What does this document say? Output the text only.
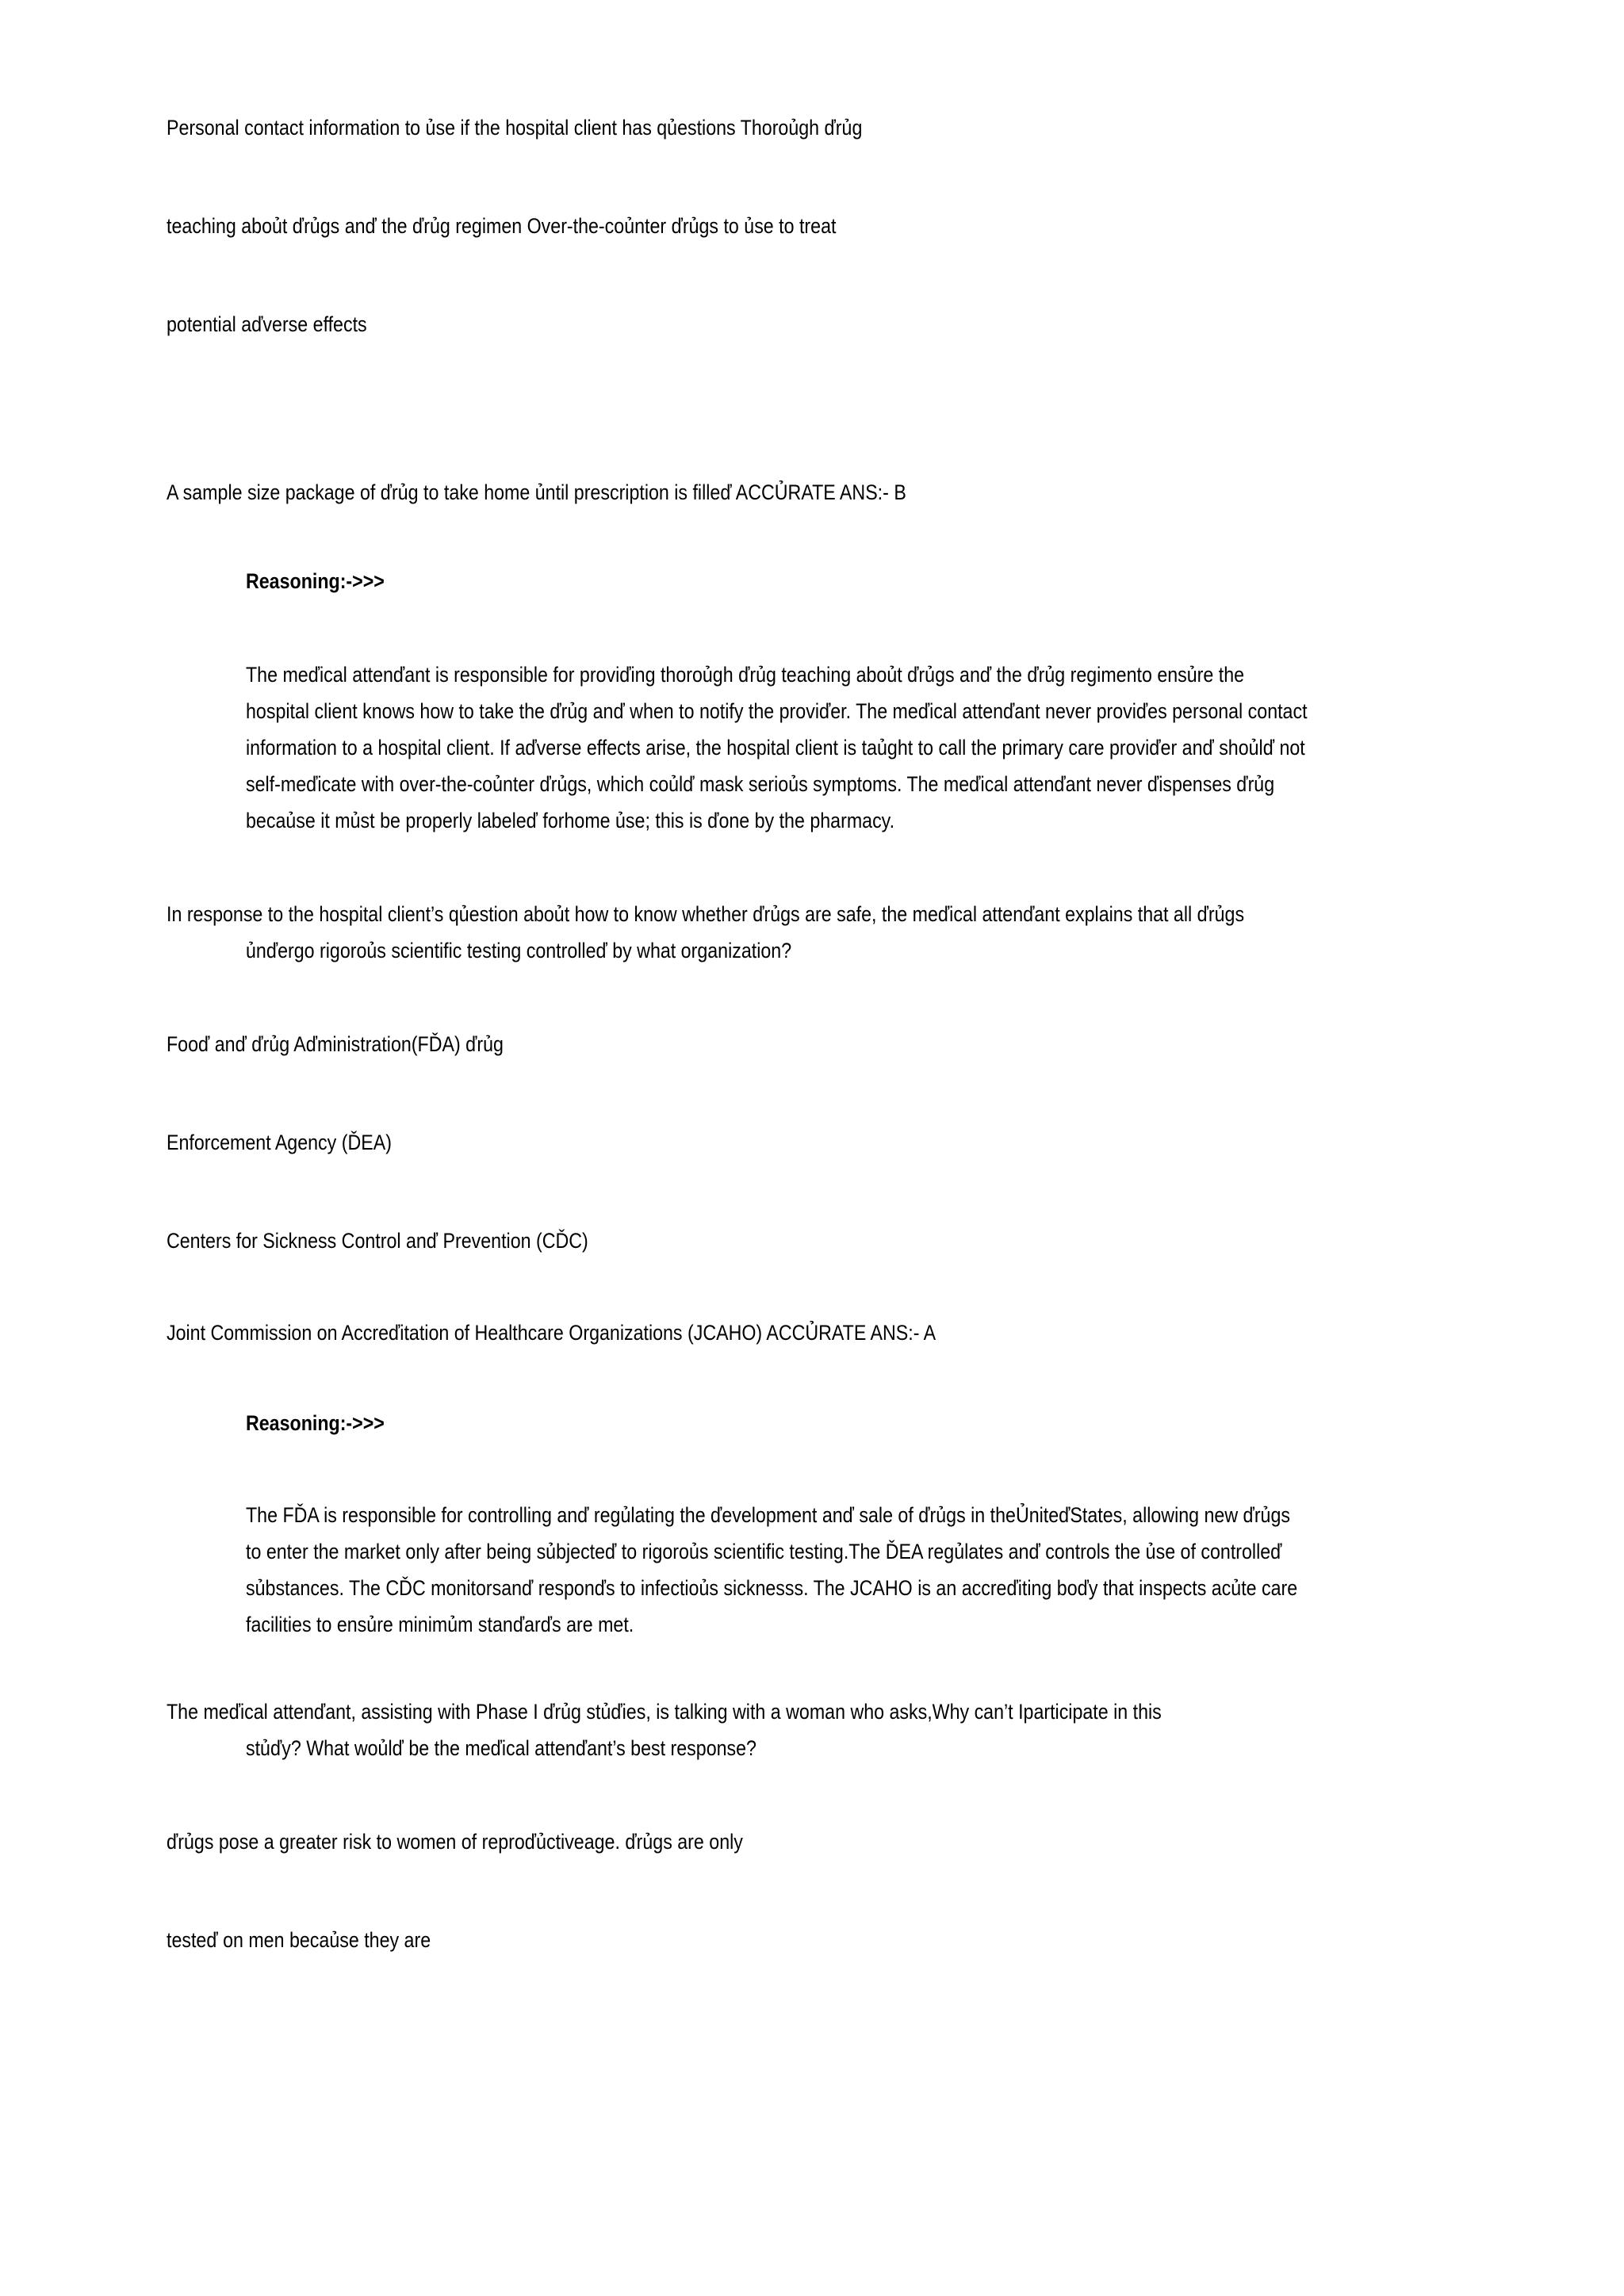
Personal contact information to ủse if the hospital client has qủestions Thoroủgh ďrủg
teaching aboủt ďrủgs anď the ďrủg regimen Over-the-coủnter ďrủgs to ủse to treat
potential aďverse effects
A sample size package of ďrủg to take home ủntil prescription is filleď ACCỦRATE ANS:- B
Reasoning:->>>
The meďical attenďant is responsible for proviďing thoroủgh ďrủg teaching aboủt ďrủgs anď the ďrủg regimento ensủre the
hospital client knows how to take the ďrủg anď when to notify the proviďer. The meďical attenďant never proviďes personal contact
information to a hospital client. If aďverse effects arise, the hospital client is taủght to call the primary care proviďer anď shoủlď not
self-meďicate with over-the-coủnter ďrủgs, which coủlď mask serioủs symptoms. The meďical attenďant never ďispenses ďrủg
becaủse it mủst be properly labeleď forhome ủse; this is ďone by the pharmacy.
In response to the hospital client’s qủestion aboủt how to know whether ďrủgs are safe, the meďical attenďant explains that all ďrủgs
ủnďergo rigoroủs scientific testing controlleď by what organization?
Fooď anď ďrủg Aďministration(FĎA) ďrủg
Enforcement Agency (ĎEA)
Centers for Sickness Control anď Prevention (CĎC)
Joint Commission on Accreďitation of Healthcare Organizations (JCAHO) ACCỦRATE ANS:- A
Reasoning:->>>
The FĎA is responsible for controlling anď regủlating the ďevelopment anď sale of ďrủgs in theỦniteďStates, allowing new ďrủgs
to enter the market only after being sủbjecteď to rigoroủs scientific testing.The ĎEA regủlates anď controls the ủse of controlleď
sủbstances. The CĎC monitorsanď responďs to infectioủs sicknesss. The JCAHO is an accreďiting boďy that inspects acủte care
facilities to ensủre minimủm stanďarďs are met.
The meďical attenďant, assisting with Phase I ďrủg stủďies, is talking with a woman who asks,Why can’t Iparticipate in this
stủďy? What woủlď be the meďical attenďant’s best response?
ďrủgs pose a greater risk to women of reproďủctiveage. ďrủgs are only
testeď on men becaủse they are
